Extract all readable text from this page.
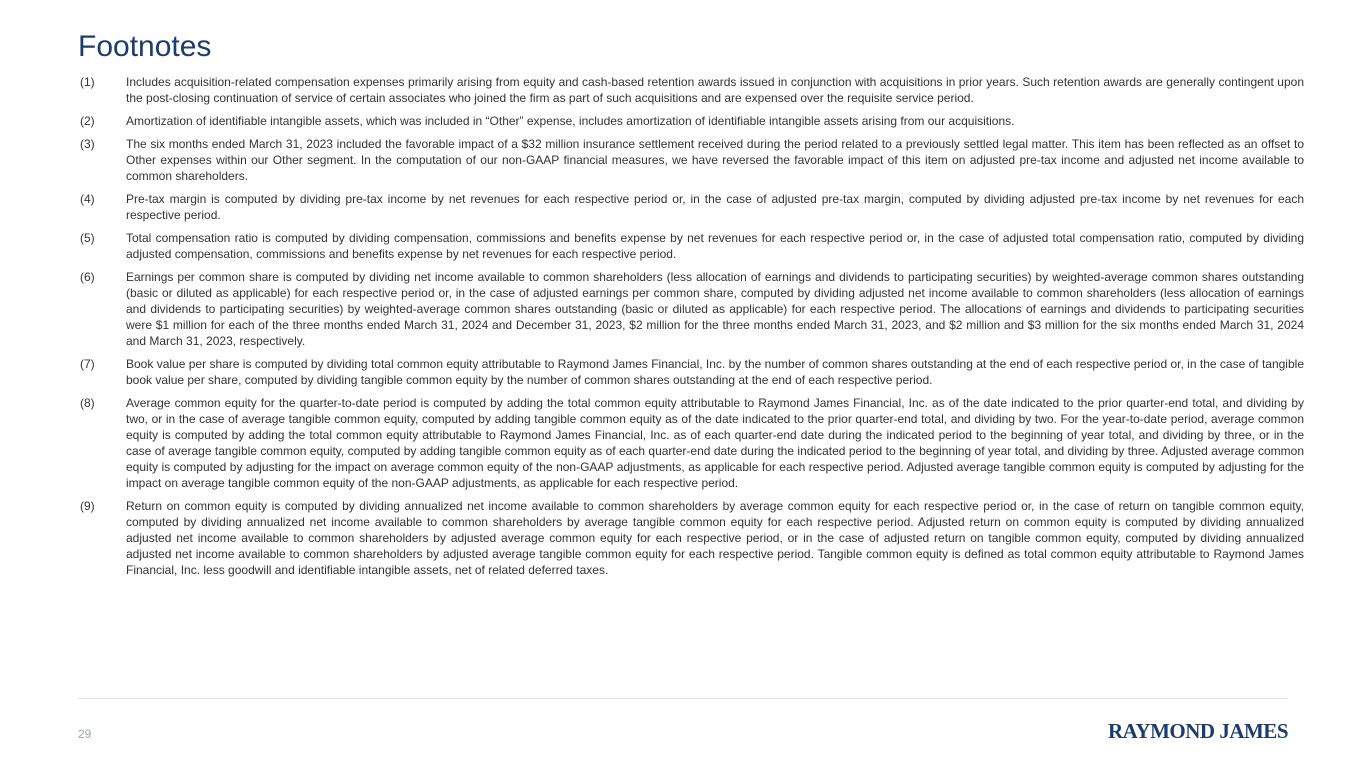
Footnotes
(1)	Includes acquisition-related compensation expenses primarily arising from equity and cash-based retention awards issued in conjunction with acquisitions in prior years. Such retention awards are generally contingent upon the post-closing continuation of service of certain associates who joined the firm as part of such acquisitions and are expensed over the requisite service period.
(2)	Amortization of identifiable intangible assets, which was included in “Other” expense, includes amortization of identifiable intangible assets arising from our acquisitions.
(3)	The six months ended March 31, 2023 included the favorable impact of a $32 million insurance settlement received during the period related to a previously settled legal matter. This item has been reflected as an offset to Other expenses within our Other segment. In the computation of our non-GAAP financial measures, we have reversed the favorable impact of this item on adjusted pre-tax income and adjusted net income available to common shareholders.
(4)	Pre-tax margin is computed by dividing pre-tax income by net revenues for each respective period or, in the case of adjusted pre-tax margin, computed by dividing adjusted pre-tax income by net revenues for each respective period.
(5)	Total compensation ratio is computed by dividing compensation, commissions and benefits expense by net revenues for each respective period or, in the case of adjusted total compensation ratio, computed by dividing adjusted compensation, commissions and benefits expense by net revenues for each respective period.
(6)	Earnings per common share is computed by dividing net income available to common shareholders (less allocation of earnings and dividends to participating securities) by weighted-average common shares outstanding (basic or diluted as applicable) for each respective period or, in the case of adjusted earnings per common share, computed by dividing adjusted net income available to common shareholders (less allocation of earnings and dividends to participating securities) by weighted-average common shares outstanding (basic or diluted as applicable) for each respective period. The allocations of earnings and dividends to participating securities were $1 million for each of the three months ended March 31, 2024 and December 31, 2023, $2 million for the three months ended March 31, 2023, and $2 million and $3 million for the six months ended March 31, 2024 and March 31, 2023, respectively.
(7)	Book value per share is computed by dividing total common equity attributable to Raymond James Financial, Inc. by the number of common shares outstanding at the end of each respective period or, in the case of tangible book value per share, computed by dividing tangible common equity by the number of common shares outstanding at the end of each respective period.
(8)	Average common equity for the quarter-to-date period is computed by adding the total common equity attributable to Raymond James Financial, Inc. as of the date indicated to the prior quarter-end total, and dividing by two, or in the case of average tangible common equity, computed by adding tangible common equity as of the date indicated to the prior quarter-end total, and dividing by two. For the year-to-date period, average common equity is computed by adding the total common equity attributable to Raymond James Financial, Inc. as of each quarter-end date during the indicated period to the beginning of year total, and dividing by three, or in the case of average tangible common equity, computed by adding tangible common equity as of each quarter-end date during the indicated period to the beginning of year total, and dividing by three. Adjusted average common equity is computed by adjusting for the impact on average common equity of the non-GAAP adjustments, as applicable for each respective period. Adjusted average tangible common equity is computed by adjusting for the impact on average tangible common equity of the non-GAAP adjustments, as applicable for each respective period.
(9)	Return on common equity is computed by dividing annualized net income available to common shareholders by average common equity for each respective period or, in the case of return on tangible common equity, computed by dividing annualized net income available to common shareholders by average tangible common equity for each respective period. Adjusted return on common equity is computed by dividing annualized adjusted net income available to common shareholders by adjusted average common equity for each respective period, or in the case of adjusted return on tangible common equity, computed by dividing annualized adjusted net income available to common shareholders by adjusted average tangible common equity for each respective period. Tangible common equity is defined as total common equity attributable to Raymond James Financial, Inc. less goodwill and identifiable intangible assets, net of related deferred taxes.
29	RAYMOND JAMES
